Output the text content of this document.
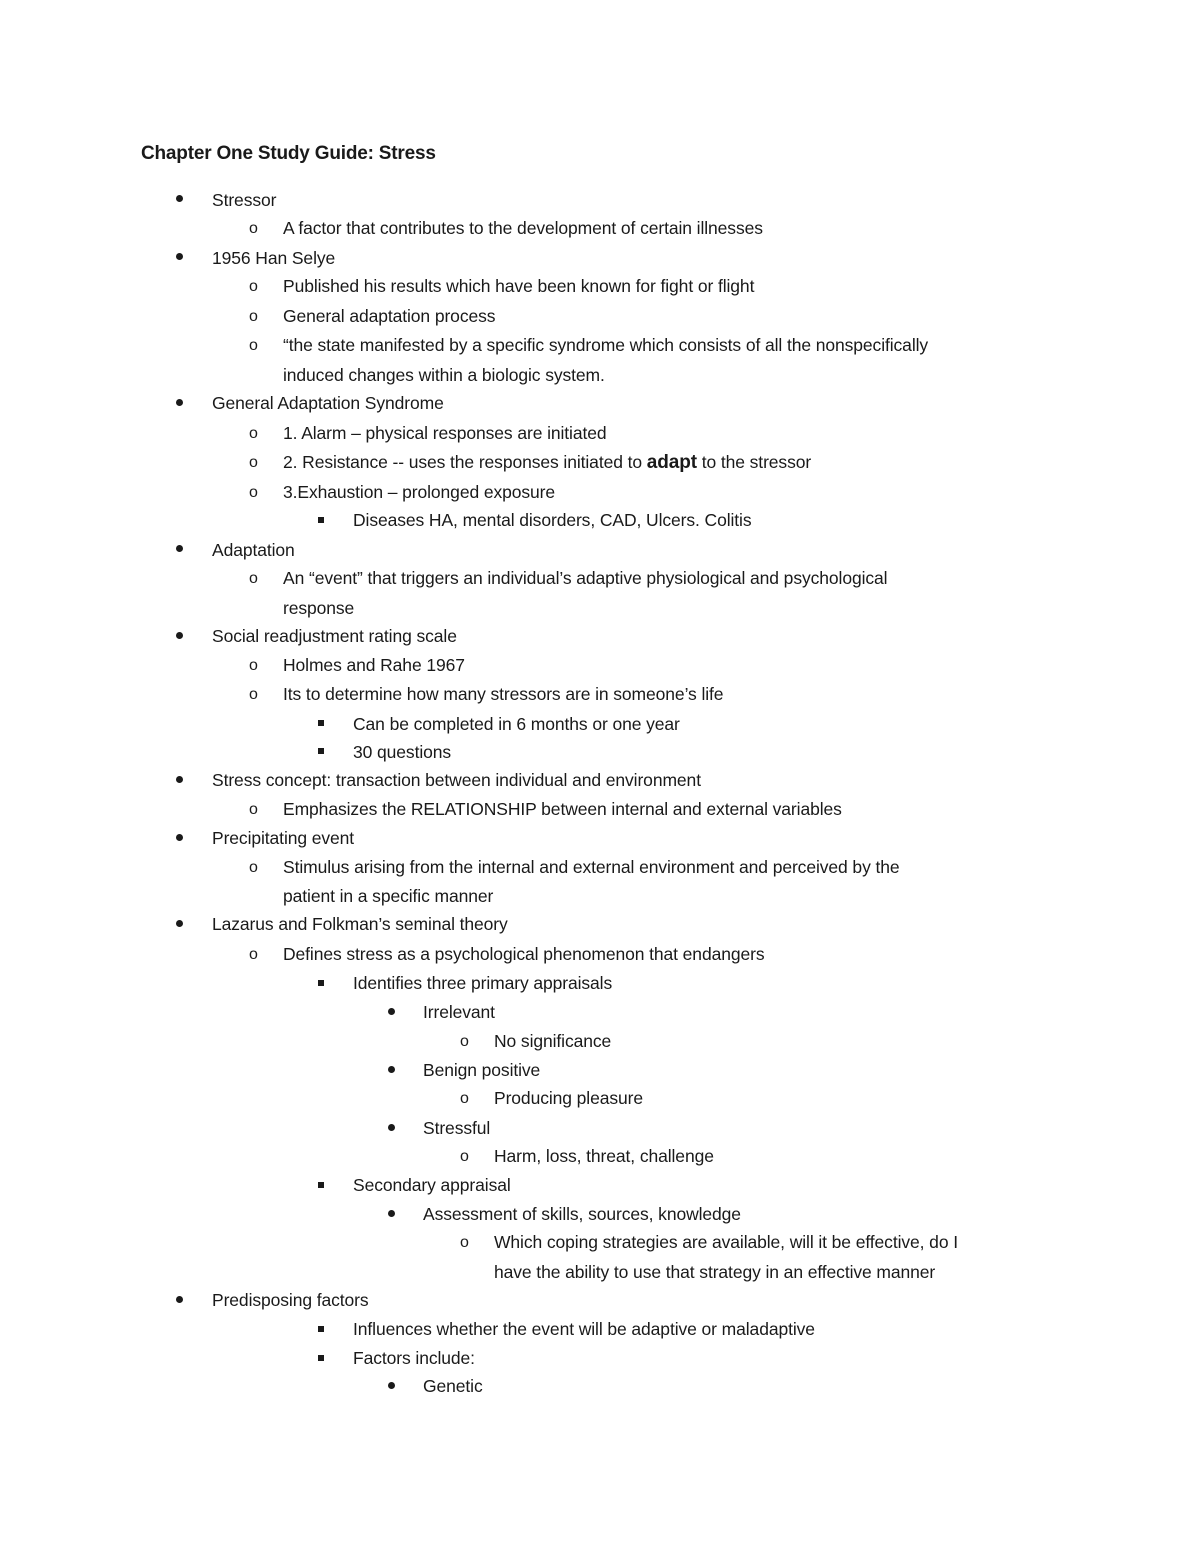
Chapter One Study Guide: Stress
Stressor
o A factor that contributes to the development of certain illnesses
1956 Han Selye
o Published his results which have been known for fight or flight
o General adaptation process
o “the state manifested by a specific syndrome which consists of all the nonspecifically
induced changes within a biologic system.
General Adaptation Syndrome
o 1. Alarm – physical responses are initiated
o 2. Resistance -- uses the responses initiated to adapt to the stressor
o 3.Exhaustion – prolonged exposure
Diseases HA, mental disorders, CAD, Ulcers. Colitis
Adaptation
o An “event” that triggers an individual’s adaptive physiological and psychological
response
Social readjustment rating scale
o Holmes and Rahe 1967
o Its to determine how many stressors are in someone’s life
Can be completed in 6 months or one year
30 questions
Stress concept: transaction between individual and environment
o Emphasizes the RELATIONSHIP between internal and external variables
Precipitating event
o Stimulus arising from the internal and external environment and perceived by the
patient in a specific manner
Lazarus and Folkman’s seminal theory
o Defines stress as a psychological phenomenon that endangers
Identifies three primary appraisals
Irrelevant
o No significance
Benign positive
o Producing pleasure
Stressful
o Harm, loss, threat, challenge
Secondary appraisal
Assessment of skills, sources, knowledge
o Which coping strategies are available, will it be effective, do I
have the ability to use that strategy in an effective manner
Predisposing factors
Influences whether the event will be adaptive or maladaptive
Factors include:
Genetic
